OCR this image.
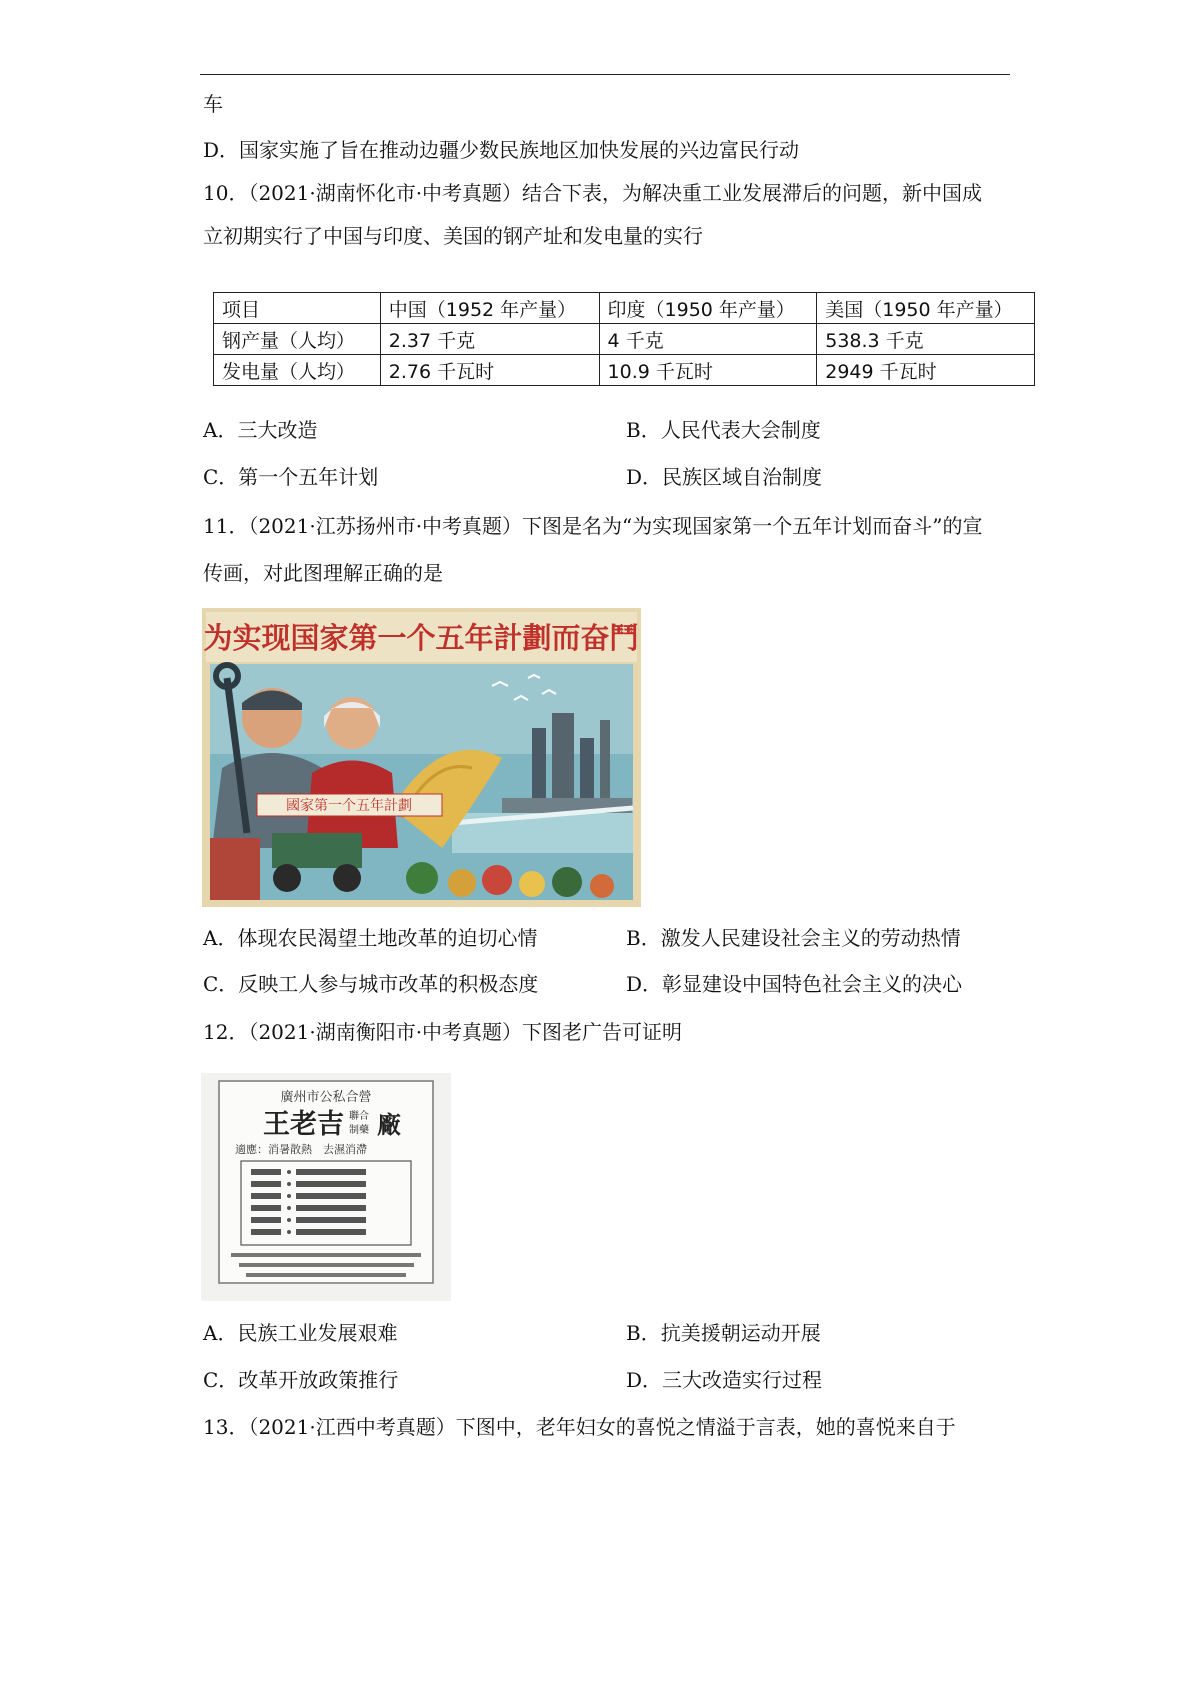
车
D．国家实施了旨在推动边疆少数民族地区加快发展的兴边富民行动
10．（2021·湖南怀化市·中考真题）结合下表，为解决重工业发展滞后的问题，新中国成
立初期实行了中国与印度、美国的钢产址和发电量的实行
项目	中国（1952 年产量）	印度（1950 年产量）	美国（1950 年产量）
钢产量（人均）	2.37 千克	4 千克	538.3 千克
发电量（人均）	2.76 千瓦时	10.9 千瓦时	2949 千瓦时
A．三大改造	B．人民代表大会制度
C．第一个五年计划	D．民族区域自治制度
11．（2021·江苏扬州市·中考真题）下图是名为“为实现国家第一个五年计划而奋斗”的宣
传画，对此图理解正确的是
为实现国家第一个五年計劃而奋鬥
國家第一个五年計劃
A．体现农民渴望土地改革的迫切心情	B．激发人民建设社会主义的劳动热情
C．反映工人参与城市改革的积极态度	D．彰显建设中国特色社会主义的决心
12．（2021·湖南衡阳市·中考真题）下图老广告可证明
廣州市公私合營
王老吉 聯合
制藥 廠
適應：消暑散熱　去濕消滯
A．民族工业发展艰难	B．抗美援朝运动开展
C．改革开放政策推行	D．三大改造实行过程
13．（2021·江西中考真题）下图中，老年妇女的喜悦之情溢于言表，她的喜悦来自于
